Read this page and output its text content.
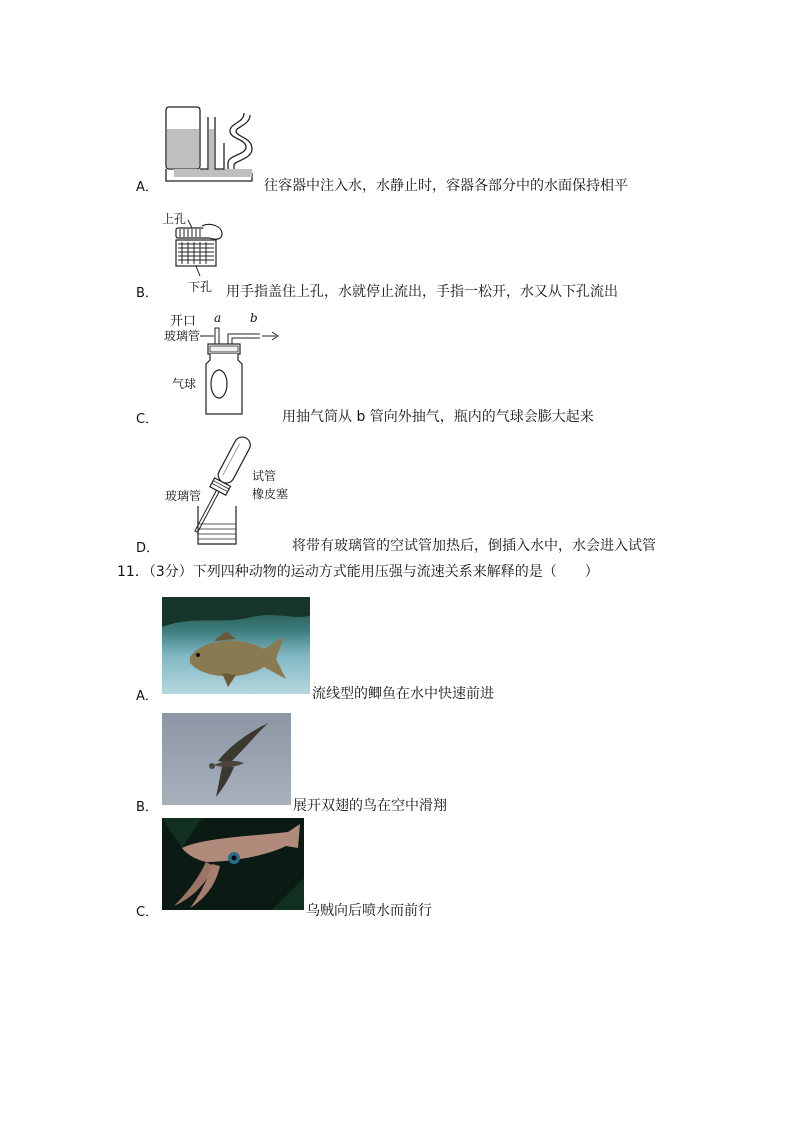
A．	往容器中注入水，水静止时，容器各部分中的水面保持相平
上孔
B．	下孔 用手指盖住上孔，水就停止流出，手指一松开，水又从下孔流出
开口 a b
玻璃管
气球
C．	用抽气筒从 b 管向外抽气，瓶内的气球会膨大起来
试管
橡皮塞
玻璃管
D．	将带有玻璃管的空试管加热后，倒插入水中，水会进入试管
11．（3分）下列四种动物的运动方式能用压强与流速关系来解释的是（　　）
A．	流线型的鲫鱼在水中快速前进
B．	展开双翅的鸟在空中滑翔
C．	乌贼向后喷水而前行
